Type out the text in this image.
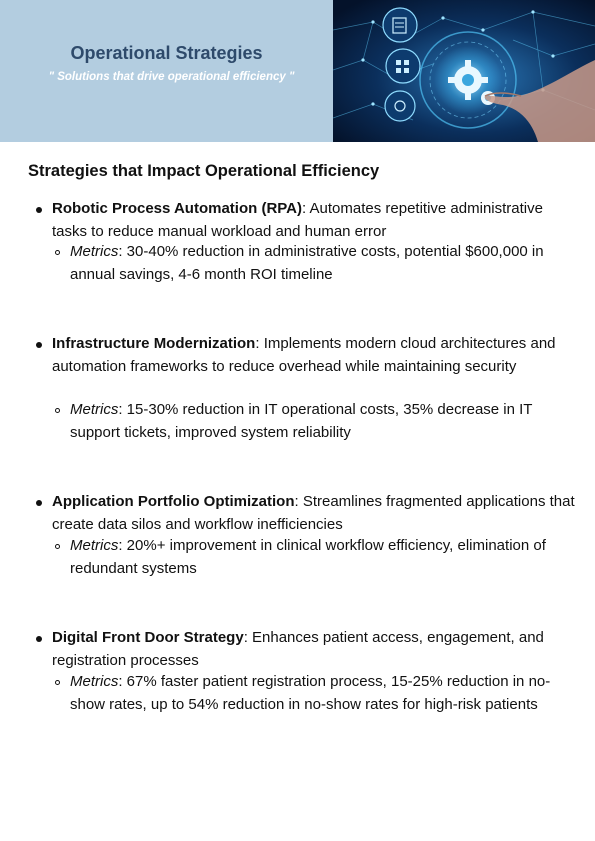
Operational Strategies
" Solutions that drive operational efficiency "
Strategies that Impact Operational Efficiency
Robotic Process Automation (RPA): Automates repetitive administrative tasks to reduce manual workload and human error
Metrics: 30-40% reduction in administrative costs, potential $600,000 in annual savings, 4-6 month ROI timeline
Infrastructure Modernization: Implements modern cloud architectures and automation frameworks to reduce overhead while maintaining security
Metrics: 15-30% reduction in IT operational costs, 35% decrease in IT support tickets, improved system reliability
Application Portfolio Optimization: Streamlines fragmented applications that create data silos and workflow inefficiencies
Metrics: 20%+ improvement in clinical workflow efficiency, elimination of redundant systems
Digital Front Door Strategy: Enhances patient access, engagement, and registration processes
Metrics: 67% faster patient registration process, 15-25% reduction in no-show rates, up to 54% reduction in no-show rates for high-risk patients
